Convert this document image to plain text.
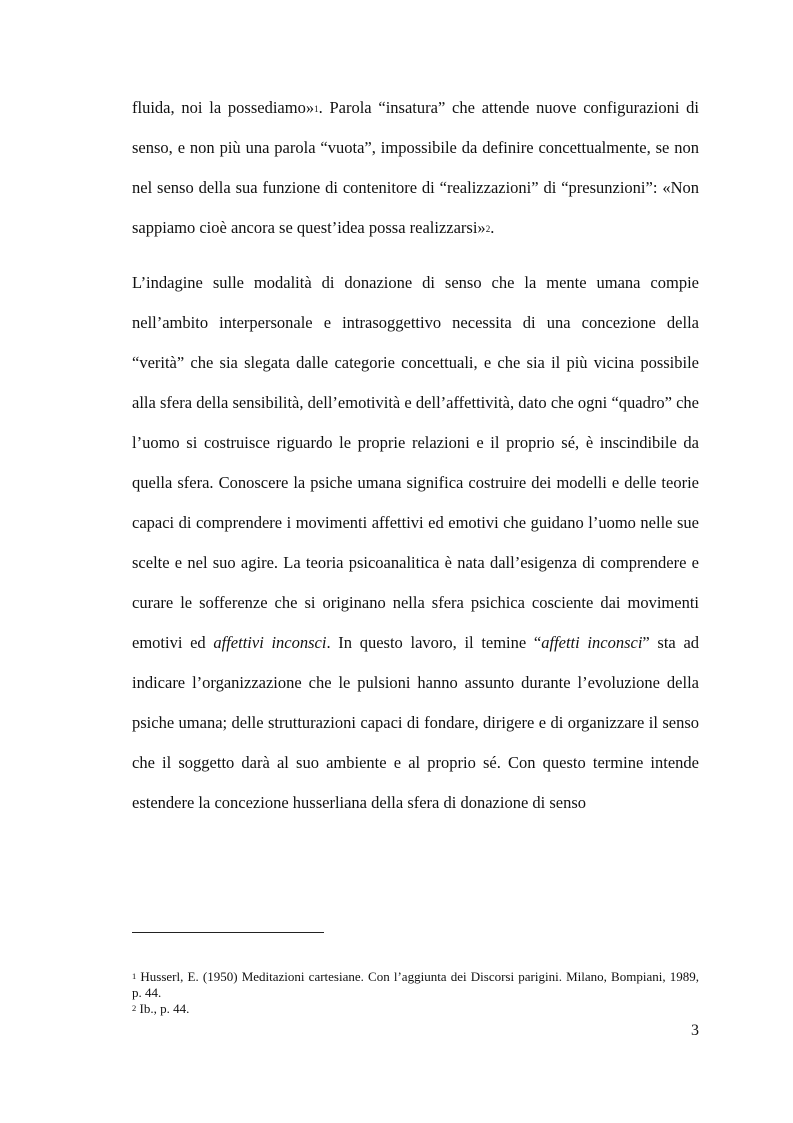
fluida, noi la possediamo»$^1$. Parola “insatura” che attende nuove configurazioni di senso, e non più una parola “vuota”, impossibile da definire concettualmente, se non nel senso della sua funzione di contenitore di “realizzazioni” di “presunzioni”: «Non sappiamo cioè ancora se quest’idea possa realizzarsi»$^2$.

L’indagine sulle modalità di donazione di senso che la mente umana compie nell’ambito interpersonale e intrasoggettivo necessita di una concezione della “verità” che sia slegata dalle categorie concettuali, e che sia il più vicina possibile alla sfera della sensibilità, dell’emotività e dell’affettività, dato che ogni “quadro” che l’uomo si costruisce riguardo le proprie relazioni e il proprio sé, è inscindibile da quella sfera. Conoscere la psiche umana significa costruire dei modelli e delle teorie capaci di comprendere i movimenti affettivi ed emotivi che guidano l’uomo nelle sue scelte e nel suo agire. La teoria psicoanalitica è nata dall’esigenza di comprendere e curare le sofferenze che si originano nella sfera psichica cosciente dai movimenti emotivi ed affettivi inconsci. In questo lavoro, il temine “affetti inconsci” sta ad indicare l’organizzazione che le pulsioni hanno assunto durante l’evoluzione della psiche umana; delle strutturazioni capaci di fondare, dirigere e di organizzare il senso che il soggetto darà al suo ambiente e al proprio sé. Con questo termine intende estendere la concezione husserliana della sfera di donazione di senso

$^1$ Husserl, E. (1950) Meditazioni cartesiane. Con l’aggiunta dei Discorsi parigini. Milano, Bompiani, 1989, p. 44.

$^2$ Ib., p. 44.

3
